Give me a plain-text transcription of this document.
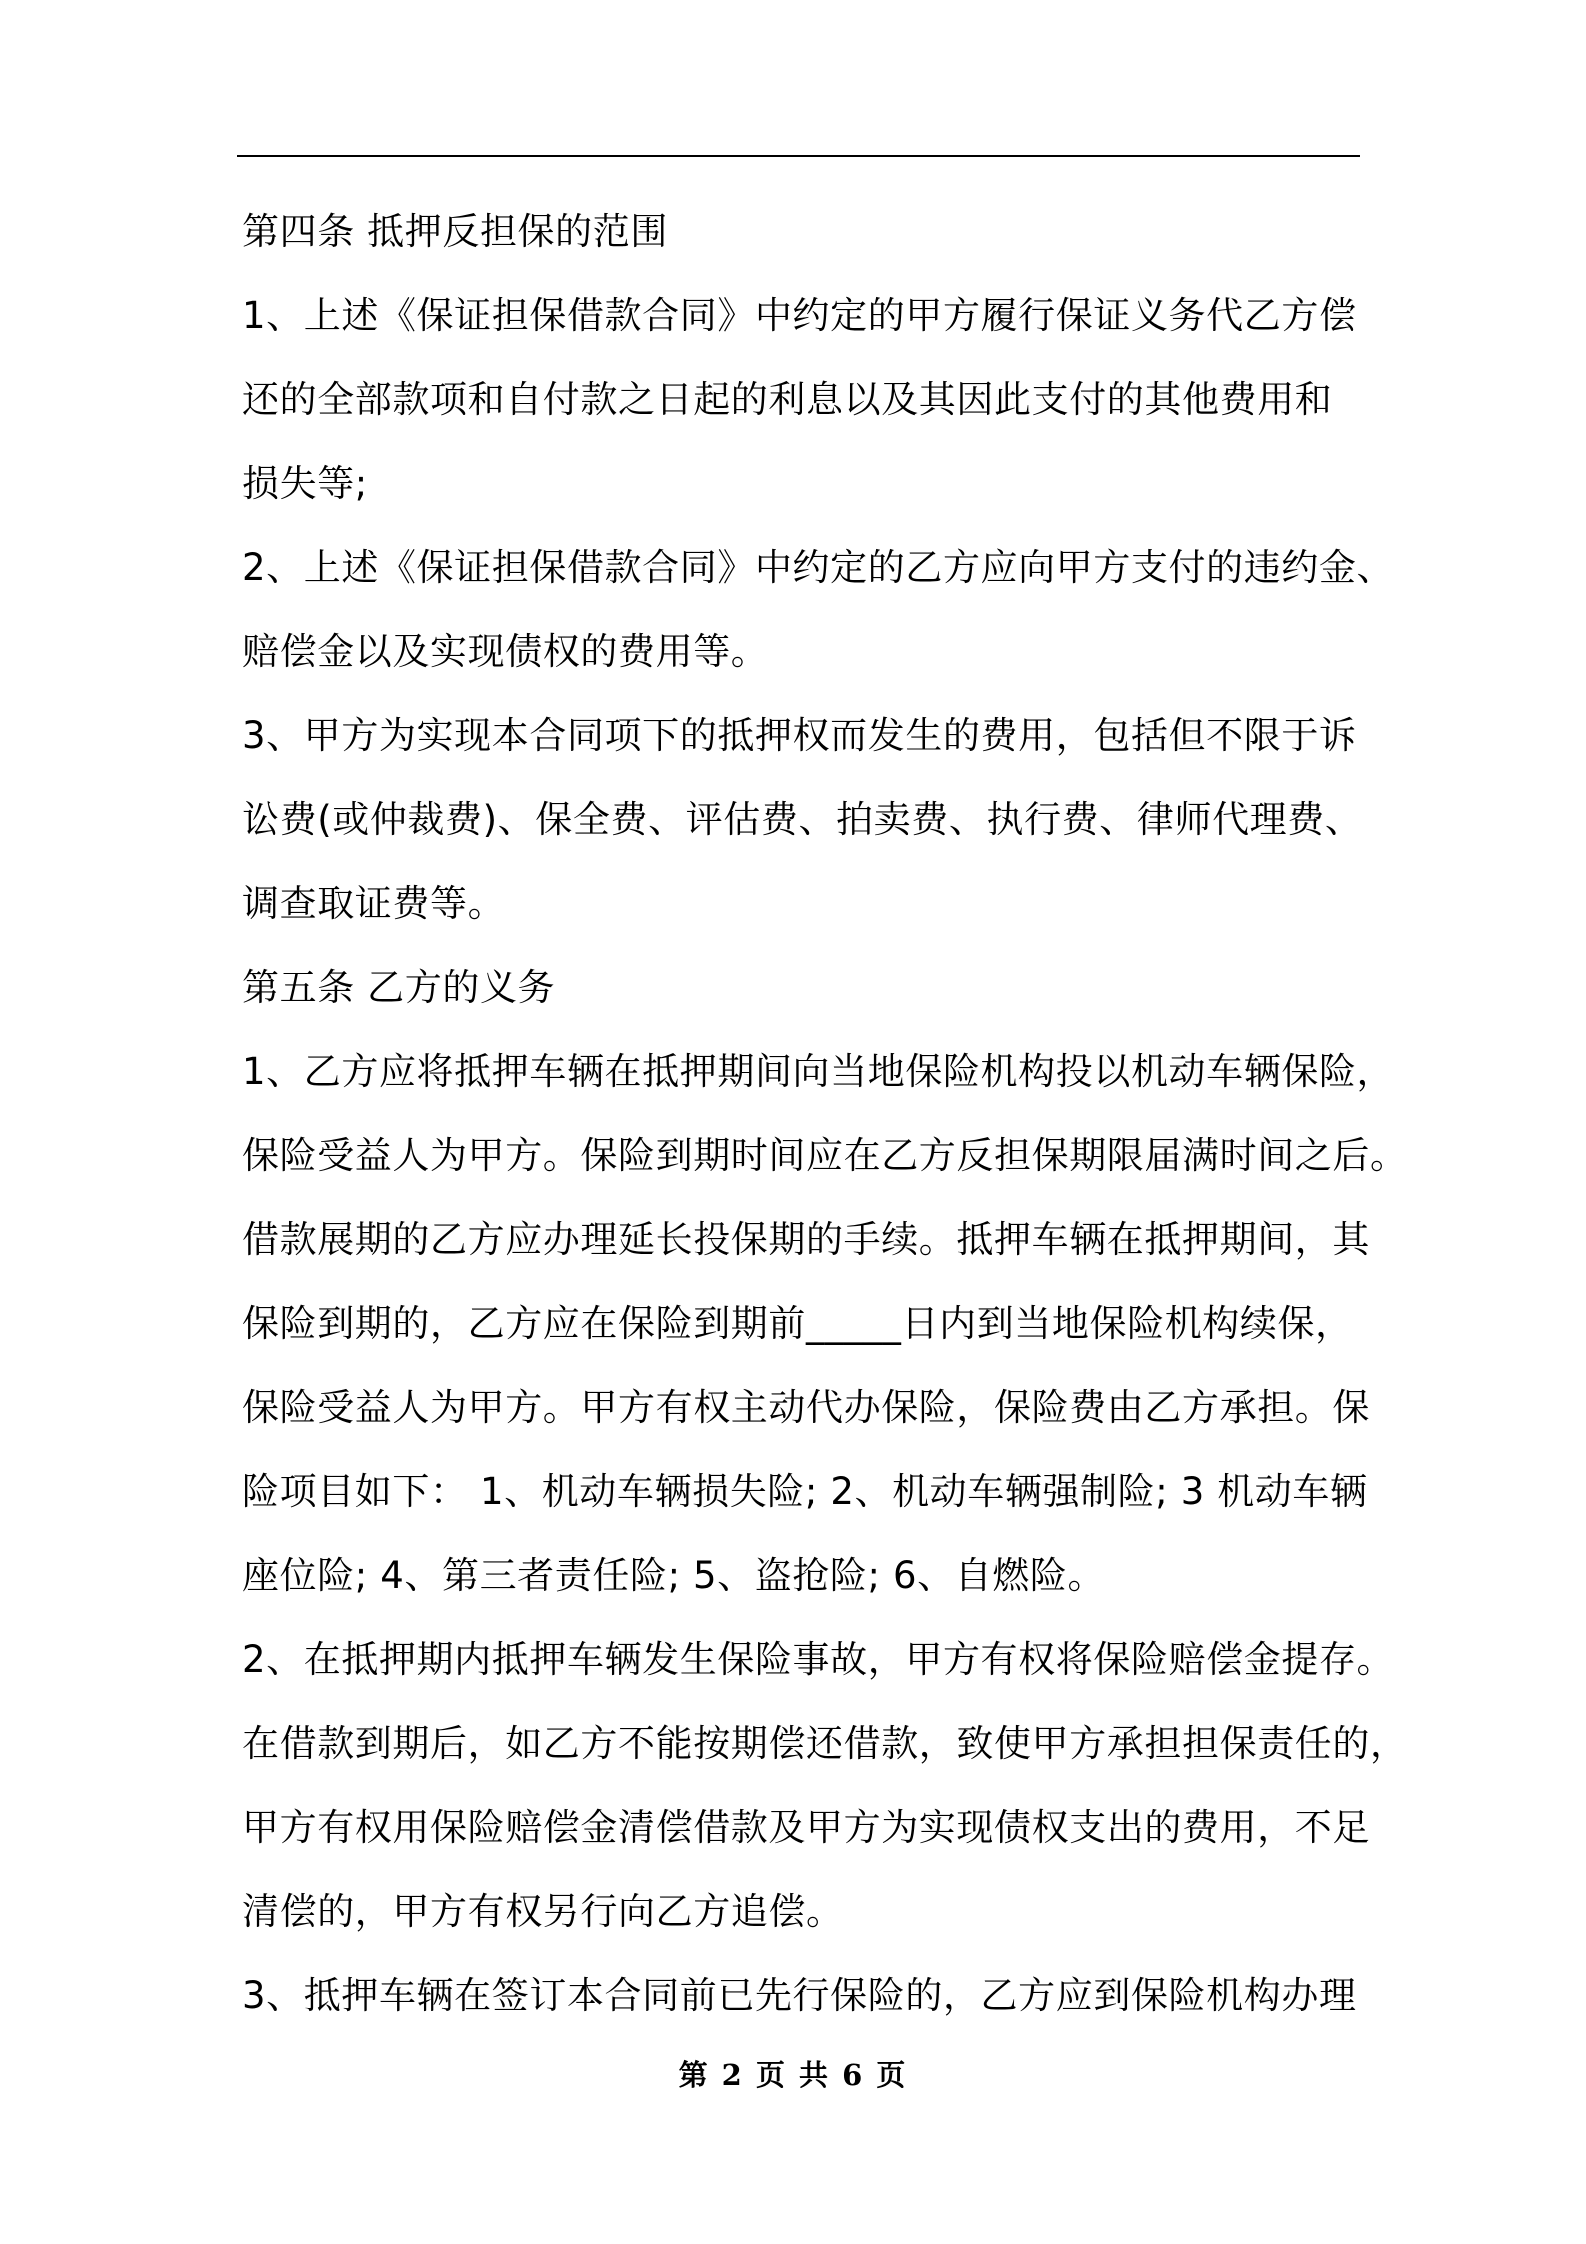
第四条 抵押反担保的范围
1、上述《保证担保借款合同》中约定的甲方履行保证义务代乙方偿
还的全部款项和自付款之日起的利息以及其因此支付的其他费用和
损失等;
2、上述《保证担保借款合同》中约定的乙方应向甲方支付的违约金、
赔偿金以及实现债权的费用等。
3、甲方为实现本合同项下的抵押权而发生的费用，包括但不限于诉
讼费(或仲裁费)、保全费、评估费、拍卖费、执行费、律师代理费、
调查取证费等。
第五条 乙方的义务
1、乙方应将抵押车辆在抵押期间向当地保险机构投以机动车辆保险，
保险受益人为甲方。保险到期时间应在乙方反担保期限届满时间之后。
借款展期的乙方应办理延长投保期的手续。抵押车辆在抵押期间，其
保险到期的，乙方应在保险到期前_____日内到当地保险机构续保，
保险受益人为甲方。甲方有权主动代办保险，保险费由乙方承担。保
险项目如下： 1、机动车辆损失险; 2、机动车辆强制险; 3 机动车辆
座位险; 4、第三者责任险; 5、盗抢险; 6、自燃险。
2、在抵押期内抵押车辆发生保险事故，甲方有权将保险赔偿金提存。
在借款到期后，如乙方不能按期偿还借款，致使甲方承担担保责任的，
甲方有权用保险赔偿金清偿借款及甲方为实现债权支出的费用，不足
清偿的，甲方有权另行向乙方追偿。
3、抵押车辆在签订本合同前已先行保险的，乙方应到保险机构办理
第 2 页 共 6 页
